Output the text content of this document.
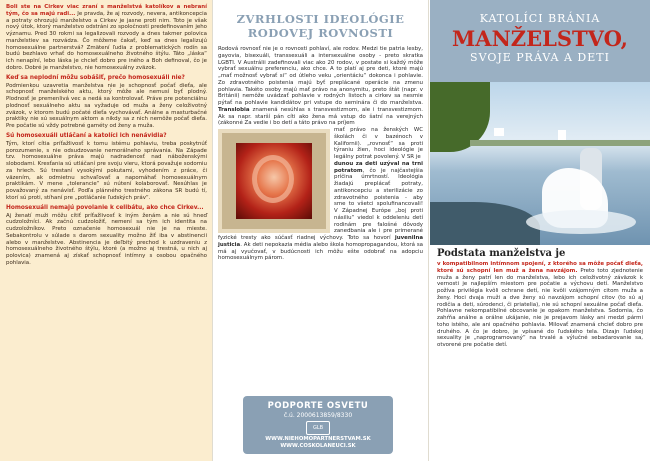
Boli ste na Cirkev viac zraní s manželstvá katolíkov a nebraní tým, čo sa majú radi... Je pravda, že aj rozvody, nevera, antikoncepcia a potraty ohrozujú manželstvo a Cirkev je jasne proti nim. Toto je však nový útok, ktorý manželstvo odstráni zo spoločnosti predefinovaním jeho významu. Pred 30 rokmi sa legalizovali rozvody a dnes takmer polovica manželstiev sa rozvádza. Čo môžeme čakať, keď sa dnes legalizujú homosexuálne partnerstvá? Zmätení ľudia z problematických rodín sa budú bezhlavo vrhať do homosexuálneho životného štýlu. Táto „láska“ ich nenaplní, lebo láska je chcieť dobro pre iného a Boh definoval, čo je dobro. Dobré je manželstvo, nie homosexuálny zväzok.

Keď sa neplodní môžu sobášiť, prečo homosexuáli nie?

Podmienkou uzavretia manželstva nie je schopnosť počať dieťa, ale schopnosť manželského aktu, ktorý môže ale nemusí byť plodný. Plodnosť je premenlivá vec a nedá sa kontrolovať. Práve pre potenciálnu plodnosť sexuálneho aktu sa vyžaduje od muža a ženy celoživotný zväzok, v ktorom budú počaté dieťa vychovávať. Análne a masturbačné praktiky nie sú sexuálnym aktom a nikdy sa z nich nemôže počať dieťa. Pre počatie sú vždy potrebné gaméty od ženy a muža.

Sú homosexuáli utláčaní a katolíci ich nenávidia?

Tým, ktorí cítia príťažlivosť k tomu istému pohlaviu, treba poskytnúť porozumenie, s nie odsudzovanie nemorálneho správania. Na Západe tzv. homosexuálne práva majú nadradenosť nad náboženskými slobodami. Kresťania sú utláčaní pre svoju vieru, ktorá považuje sodomiu za hriech. Sú trestaní vysokými pokutami, vyhodením z práce, či väzením, ak odmietnu schvaľovať a napomáhať homosexuálnym praktikám. V mene „tolerancie“ sú nútení kolaborovať. Nesúhlas je považovaný za nenávisť. Podľa plánného trestného zákona SR budú tí, ktorí sú proti, stíhaní pre „potláčanie ľudských práv“.

Homosexuáli nemajú povolanie k celibátu, ako chce Cirkev...

Aj ženatí muži môžu cítiť príťažlivosť k iným ženám a nie sú hneď cudzoložníci. Ak začnú cudzoložiť, nemení sa tým ich identita na cudzoložníkov. Preto označenie homosexuál nie je na mieste. Sebakontrolu v súlade s darom sexuality možno žiť iba v abstinencii alebo v manželstve. Abstinencia je deľbitý prechod k uzdraveniu z homosexuálneho životného štýlu, ktoré (a možno aj trestná, u nich aj polovica) znamená aj získať schopnosť intímny s osobou opačného pohlavia.

ZVRHLOSTI IDEOLÓGIE RODOVEJ ROVNOSTI

Rodová rovnosť nie je o rovnosti pohlaví, ale rodov. Medzi tie patria lesby, gayovia, bisexuáli, transsexuáli a intersexuálne osoby - preto skratka LGBTI. V Austrálii zadefinovali viac ako 20 rodov, v postate si každý môže vybrať sexuálnu preferenciu, ako chce. A to platí aj pre deti, ktoré majú „mať možnosť vybrať si“ od útleho veku „orientáciu“ dokonca i pohlavie. Zo zdravotného poistenia majú byť preplácané operácie na zmenu pohlavia. Takéto osoby majú mať právo na anonymitu, preto štát (napr. v Británii) nemôže uvádzať pohlavie v rodných listoch a cirkev sa nesmie pýtať na pohlavie kandidátov pri vstupe do seminára či do manželstva. Translobia znamená nesúhlas s transvestizmom, ale i transvestizmom. Ak sa napr. starší pán cíti ako žena má vstup do šatní na verejných (zákonné Za vedie i bo detí a táto právo na príjem

mať právo na ženských WC školách či v bazénoch v Kalifornii). „rovnosť“ sa proti týraniu žien, hoci ideológie je legálny potrat povolený. V SR je

dunou za deti uzýval na trni potratom, čo je najčastejšia príčina úmrtností. Ideológia žiadajú preplácať potraty, antikoncepciu a sterilizácie zo zdravotného poistenia - aby sme to všetci spolufinancovali! V Západnej Európe „boj proti násiliu“ viedol k oddeleniu detí rodinám pre falošné dôvody zanedbania ale i pre primerané fyzické tresty ako súčasť riadnej výchovy. Toto sa hovorí juvenilna justicia. Ak deti nepokazia média alebo škola homopropagandou, ktorá sa má aj vyučovať, v budúcnosti ich môžu ešte odobrať na adopciu homosexuálnym párom.

PODPORTE OSVETU
č.ú. 2000613859/8330
GLB
WWW.NIEHOMOPARTNERSTVAM.SK
WWW.COSKOLANEUCI.SK
KATOLÍCI BRÁNIA
MANŽELSTVO,
SVOJE PRÁVA A DETI
Podstata manželstva je

v kompatibilnom intímnom spojení, z ktorého sa môže počať dieťa, ktoré sú schopní len muž a žena navzájom. Preto toto zjednotenie muža a ženy patrí len do manželstva, lebo ich celoživotný záväzok k vernosti je najlepším miestom pre počatie a výchovu detí. Manželstvo požíva privilégia kvôli ochrane detí, nie kvôli vzájomným citom muža a ženy. Hoci dvaja muži a dve ženy sú navzájom schopní citov (to sú aj rodičia a deti, súrodenci, či priatelia), nie sú schopní sexuálne počať dieťa. Pohlavne nekompatibilné obcovanie je opakom manželstva. Sodomia, čo zahŕňa análne a orálne ukájanie, nie je prejavom lásky ani medzi pármi toho istého, ale ani opačného pohlavia. Milovať znamená chcieť dobro pre druhého. A čo je dobro, je vpísané do ľudského tela. Dizajn ľudskej sexuality je „naprogramovaný“ na trvalé a výlučné sebadarovanie sa, otvorené pre počatie detí.
